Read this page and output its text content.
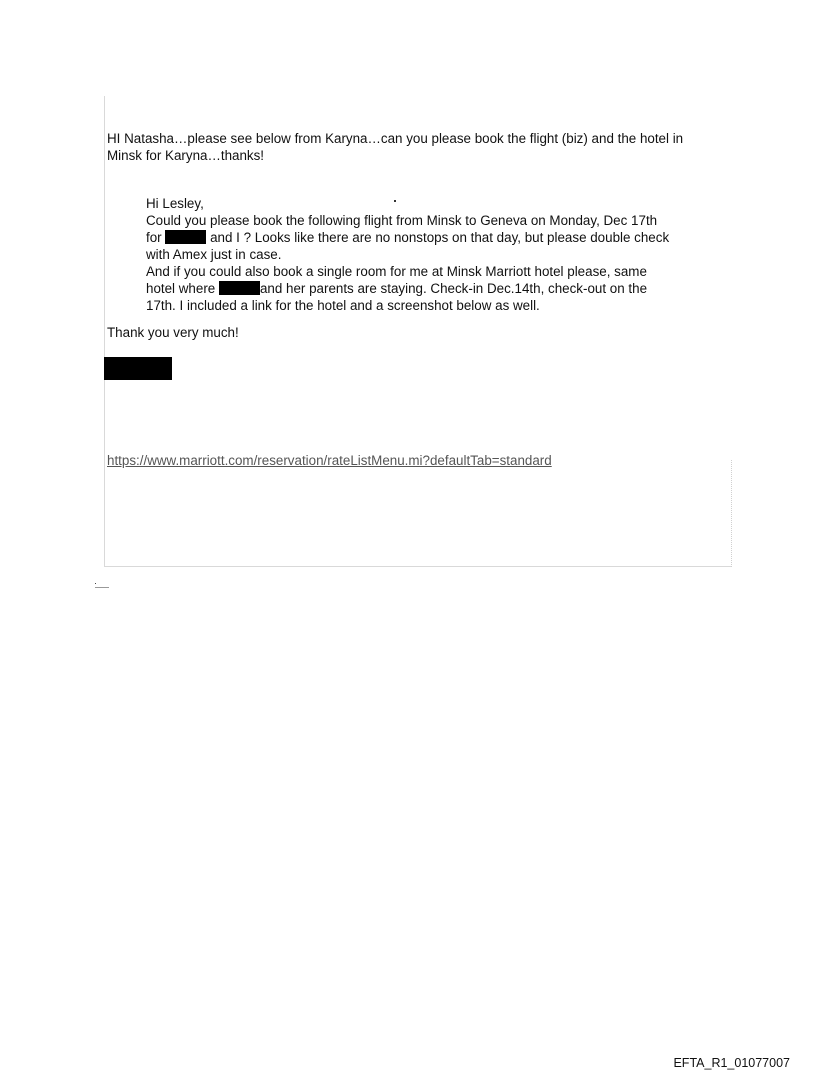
HI Natasha…please see below from Karyna…can you please book the flight (biz) and the hotel in
Minsk for Karyna…thanks!
Hi Lesley,
Could you please book the following flight from Minsk to Geneva on Monday, Dec 17th
for	and I ? Looks like there are no nonstops on that day, but please double check
with Amex just in case.
And if you could also book a single room for me at Minsk Marriott hotel please, same
hotel where	and her parents are staying. Check-in Dec.14th, check-out on the
17th. I included a link for the hotel and a screenshot below as well.
Thank you very much!
https://www.marriott.com/reservation/rateListMenu.mi?defaultTab=standard
EFTA_R1_01077007
